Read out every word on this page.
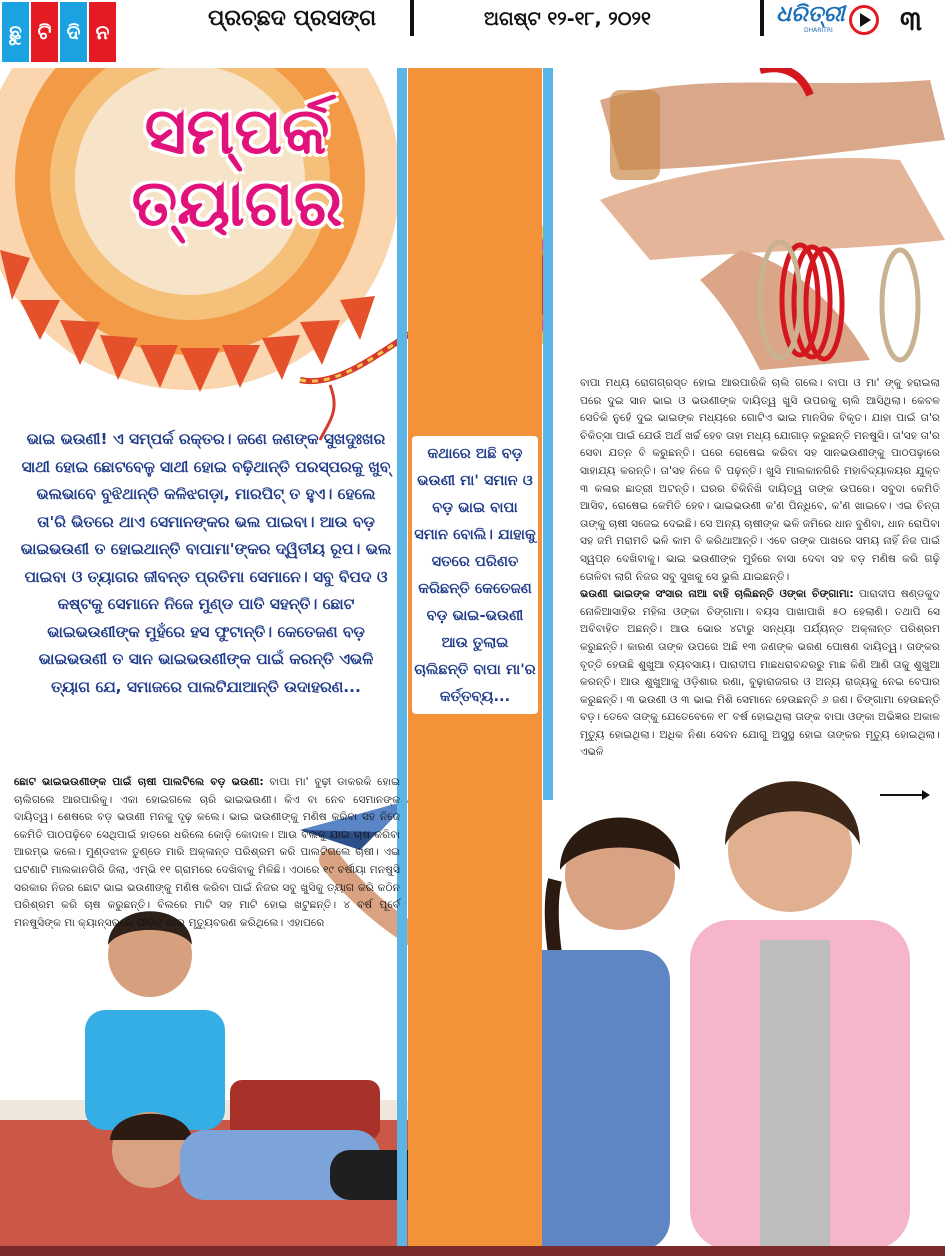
ଛୁ ଟି ଦି ନ
ପ୍ରଚ୍ଛଦ ପ୍ରସଙ୍ଗ	ଅଗଷ୍ଟ ୧୨-୧୮, ୨୦୨୧	ଧରିତ୍ରୀ
DHARITRI ୩
ସମ୍ପର୍କ
ତ୍ୟାଗର

ଭାଇ ଭଉଣୀ! ଏ ସମ୍ପର୍କ ରକ୍ତର। ଜଣେ ଜଣଙ୍କ ସୁଖଦୁଃଖର ସାଥୀ ହୋଇ ଛୋଟବେଳୁ ସାଥୀ ହୋଇ ବଢ଼ିଥାନ୍ତି ପରସ୍ପରକୁ ଖୁବ୍ ଭଲଭାବେ ବୁଝିଥାନ୍ତି କଳିଝଗଡ଼ା, ମାରପିଟ୍ ତ ହୁଏ। ହେଲେ ତା'ରି ଭିତରେ ଥାଏ ସେମାନଙ୍କର ଭଲ ପାଇବା। ଆଉ ବଡ଼ ଭାଇଭଉଣୀ ତ ହୋଇଥାନ୍ତି ବାପାମା'ଙ୍କର ଦ୍ୱିତୀୟ ରୂପ। ଭଲ ପାଇବା ଓ ତ୍ୟାଗର ଜୀବନ୍ତ ପ୍ରତିମା ସେମାନେ। ସବୁ ବିପଦ ଓ କଷ୍ଟକୁ ସେମାନେ ନିଜେ ମୁଣ୍ଡ ପାତି ସହନ୍ତି। ଛୋଟ ଭାଇଭଉଣୀଙ୍କ ମୁହଁରେ ହସ ଫୁଟାନ୍ତି। କେତେଜଣ ବଡ଼ ଭାଇଭଉଣୀ ତ ସାନ ଭାଇଭଉଣୀଙ୍କ ପାଇଁ କରନ୍ତି ଏଭଳି ତ୍ୟାଗ ଯେ, ସମାଜରେ ପାଲଟିଯାଆନ୍ତି ଉଦାହରଣ...

କଥାରେ ଅଛି ବଡ଼ ଭଉଣୀ ମା' ସମାନ ଓ ବଡ଼ ଭାଇ ବାପା ସମାନ ବୋଲି। ଯାହାକୁ ସତରେ ପରିଣତ କରିଛନ୍ତି କେତେଜଣ ବଡ଼ ଭାଇ-ଭଉଣୀ ଆଉ ତୁଲାଇ ଚାଲିଛନ୍ତି ବାପା ମା'ର କର୍ତ୍ତବ୍ୟ...

ବାପା ମଧ୍ୟ ରୋଗଗ୍ରସ୍ତ ହୋଇ ଆରପାରିକି ଚାଲି ଗଲେ। ବାପା ଓ ମା' ଙ୍କୁ ହରାଇଲା ପରେ ଦୁଇ ସାନ ଭାଇ ଓ ଭଉଣୀଙ୍କ ଦାୟିତ୍ୱ ଖୁସି ଉପରକୁ ଚାଲି ଆସିଥିଲା। କେବଳ ସେତିକି ନୁହେଁ ଦୁଇ ଭାଇଙ୍କ ମଧ୍ୟରେ ଗୋଟିଏ ଭାଇ ମାନସିକ ବିକୃତ। ଯାହା ପାଇଁ ତା'ର ଚିକିତ୍ସା ପାଇଁ ଯେଉଁ ଅର୍ଥ ଖର୍ଚ୍ଚ ହେବ ତାହା ମଧ୍ୟ ଯୋଗାଡ଼ କରୁଛନ୍ତି ମନଷୁସି। ତା'ସହ ତା'ର ସେବା ଯତ୍ନ ବି କରୁଛନ୍ତି। ଘରେ ରୋଷେଇ କରିବା ସହ ସାନଭଉଣୀଙ୍କୁ ପାଠପଢ଼ାରେ ସାହାଯ୍ୟ କରନ୍ତି। ତା'ସହ ନିଜେ ବି ପଢ଼ନ୍ତି। ଖୁସି ମାଲକାନଗିରି ମହାବିଦ୍ୟାଳୟର ଯୁକ୍ତ ୩ କଳାର ଛାତ୍ରୀ ଅଟନ୍ତି। ଘରର ଚିକିନିଖି ଦାୟିତ୍ୱ ତାଙ୍କ ଉପରେ। ସବୁଦା କେମିତି ଆସିବ, ରୋଷେଇ କେମିତି ହେବ। ଭାଇଭଉଣୀ କ'ଣ ପିନ୍ଧିବେ, କ'ଣ ଖାଇବେ। ଏଇ ଚିନ୍ତା ତାଙ୍କୁ ଚାଷୀ ସଜେଇ ଦେଇଛି। ସେ ଅନ୍ୟ ଚାଷୀଙ୍କ ଭଳି ଜମିରେ ଧାନ ବୁଣିବା, ଧାନ ରୋପିବା ସହ ଜମି ମରାମତି ଭଳି କାମ ବି କରିଥାଆନ୍ତି। ଏବେ ତାଙ୍କ ପାଖରେ ସମୟ ନାହିଁ ନିଜ ପାଇଁ ସ୍ୱପ୍ନ ଦେଖିବାକୁ। ଭାଇ ଭଉଣୀଙ୍କ ମୁହଁରେ ବାସା ଦେବା ସହ ବଡ଼ ମଣିଷ କରି ଗଢ଼ି ତୋଳିବା ଲାଗି ନିଜର ସବୁ ସୁଖକୁ ସେ ଭୁଲି ଯାଇଛନ୍ତି।

ଭଉଣୀ ଭାଇଙ୍କ ସଂସାର ନାଆ ବାହି ଚାଲିଛନ୍ତି ଓଙ୍କା ଚିଙ୍ଗାମା: ପାରାଦୀପ ଷଣ୍ଡକୁଦ ନୋଳିଆସାହିର ମହିଳା ଓଙ୍କା ଚିଙ୍ଗାମା। ବୟସ ପାଖାପାଖି ୫୦ ହେଲାଣି। ତଥାପି ସେ ଅବିବାହିତ ଅଛନ୍ତି। ଆଉ ଭୋର ୪ଟାରୁ ସନ୍ଧ୍ୟା ପର୍ଯ୍ୟନ୍ତ ଅକ୍ଳାନ୍ତ ପରିଶ୍ରମ କରୁଛନ୍ତି। କାରଣ ତାଙ୍କ ଉପରେ ଅଛି ୧୩ ଜଣଙ୍କ ଭରଣ ପୋଷଣ ଦାୟିତ୍ୱ। ତାଙ୍କର ବୃତ୍ତି ହେଉଛି ଶୁଖୁଆ ବ୍ୟବସାୟ। ପାରାଦୀପ ମାଛଧରାବନ୍ଦରରୁ ମାଛ କିଣି ଆଣି ତାକୁ ଶୁଖୁଆ କରନ୍ତି। ଆଉ ଶୁଖୁଆକୁ ଓଡ଼ିଶାର ରଣା, ବୁଢ଼ାରାଜଗର ଓ ଅନ୍ୟ ରାଜ୍ୟକୁ ନେଇ ବେପାର କରୁଛନ୍ତି। ୩ ଭଉଣୀ ଓ ୩ ଭାଇ ମିଶି ସେମାନେ ହେଉଛନ୍ତି ୬ ଜଣ। ଚିଙ୍ଗାମା ହେଉଛନ୍ତି ବଡ଼। ତେବେ ତାଙ୍କୁ ଯେତେବେଳେ ୧୮ ବର୍ଷ ହୋଇଥିଲା ତାଙ୍କ ବାପା ଓଙ୍କା ଅଭିଜ୍ଞର ଅକାଳ ମୃତ୍ୟୁ ହୋଇଥିଲା। ଅଧିକ ନିଶା ସେବନ ଯୋଗୁ ଅସୁସ୍ଥ ହୋଇ ତାଙ୍କର ମୃତ୍ୟୁ ହୋଇଥିଲା। ଏଭଳି

ଛୋଟ ଭାଇଭଉଣୀଙ୍କ ପାଇଁ ଚାଷୀ ପାଲଟିଲେ ବଡ଼ ଭଉଣୀ: ବାପା ମା' ବୁଢ଼ୀ ଡାକରକି ହୋଇ ଚାଲିଗଲେ ଆରପାରିକୁ। ଏକା ହୋଇଗଲେ ଚାରି ଭାଇଭଉଣୀ। କିଏ ବା ନେବ ସେମାନଙ୍କ ଦାୟିତ୍ୱ। ଶେଷରେ ବଡ଼ ଭଉଣୀ ମନକୁ ଦୃଢ଼ କଲେ। ଭାଇ ଭଉଣୀଙ୍କୁ ମଣିଷ କରିବା ସହ ନିଜେ କେମିତି ପାଠପଢ଼ିବେ ସେଥିପାଇଁ ହାତରେ ଧରିଲେ କୋଡ଼ି କୋଦାଳ। ଆଉ ବିଲକୁ ଯାଇ ଚାଷ କରିବା ଆରମ୍ଭ କଲେ। ମୁଣ୍ଡଝାଳ ତୁଣ୍ଡେ ମାରି ଅକ୍ଳାନ୍ତ ପରିଶ୍ରମ କରି ପାଲଟିଗଲେ ଚାଷୀ। ଏଇ ଘଟଣାଟି ମାଲକାନଗିରି ଜିଲା, ଏମ୍‌ଭି ୧୧ ଗ୍ରାମରେ ଦେଖିବାକୁ ମିଳିଛି। ଏଠାରେ ୧୯ ବର୍ଷୀୟା ମନଷୁସି ସରକାର ନିଜର ଛୋଟ ଭାଇ ଭଉଣୀଙ୍କୁ ମଣିଷ କରିବା ପାଇଁ ନିଜର ସବୁ ଖୁସିକୁ ତ୍ୟାଗ କରି କଠିନ ପରିଶ୍ରମ କରି ଚାଷ କରୁଛନ୍ତି। ବିଲରେ ମାଟି ସହ ମାଟି ହୋଇ ଖଟୁଛନ୍ତି। ୪ ବର୍ଷ ପୂର୍ବେ ମନଷୁସିଙ୍କ ମା କ୍ୟାନ୍ସରରେ ପୀଡ଼ିତ ଥାଇ ମୃତ୍ୟୁବରଣ କରିଥିଲେ। ଏହାପରେ
